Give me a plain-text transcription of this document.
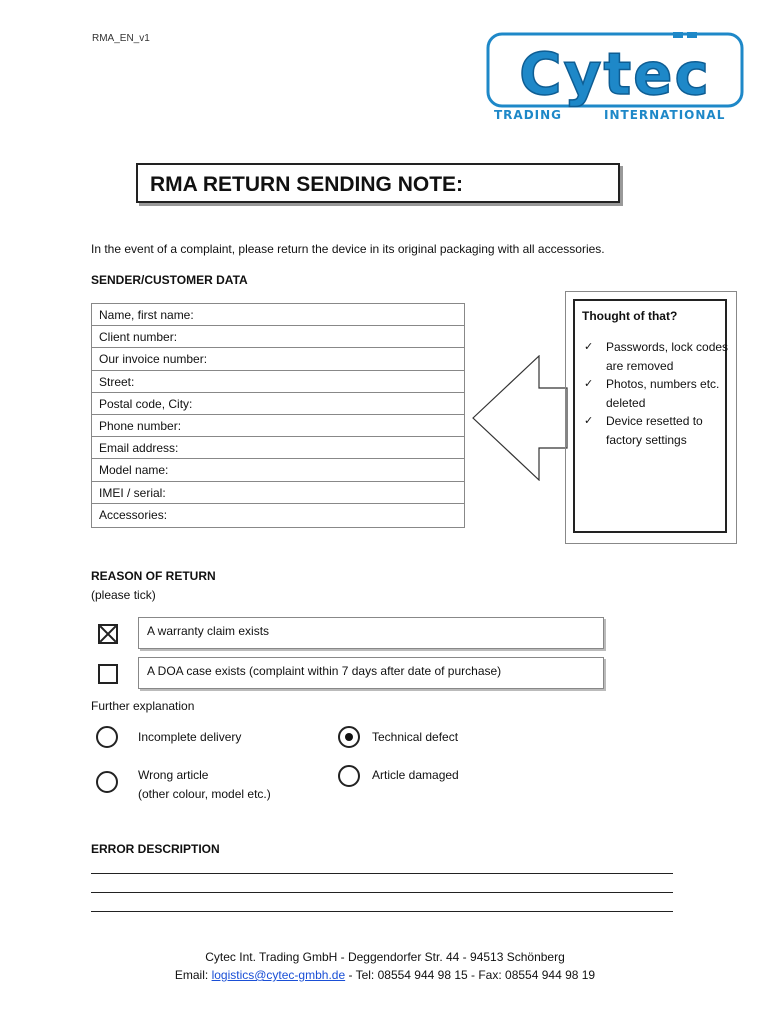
RMA_EN_v1
Cytec
TRADING	INTERNATIONAL
RMA RETURN SENDING NOTE:
In the event of a complaint, please return the device in its original packaging with all accessories.
SENDER/CUSTOMER DATA
Name, first name:
Client number:
Our invoice number:
Street:
Postal code, City:
Phone number:
Email address:
Model name:
IMEI / serial:
Accessories:
Thought of that?
✓ Passwords, lock codes are removed
✓ Photos, numbers etc. deleted
✓ Device resetted to factory settings
REASON OF RETURN
(please tick)
A warranty claim exists
A DOA case exists (complaint within 7 days after date of purchase)
Further explanation
Incomplete delivery	Technical defect
Wrong article
(other colour, model etc.)
Article damaged
ERROR DESCRIPTION
Cytec Int. Trading GmbH - Deggendorfer Str. 44 - 94513 Schönberg
Email: logistics@cytec-gmbh.de - Tel: 08554 944 98 15 - Fax: 08554 944 98 19
